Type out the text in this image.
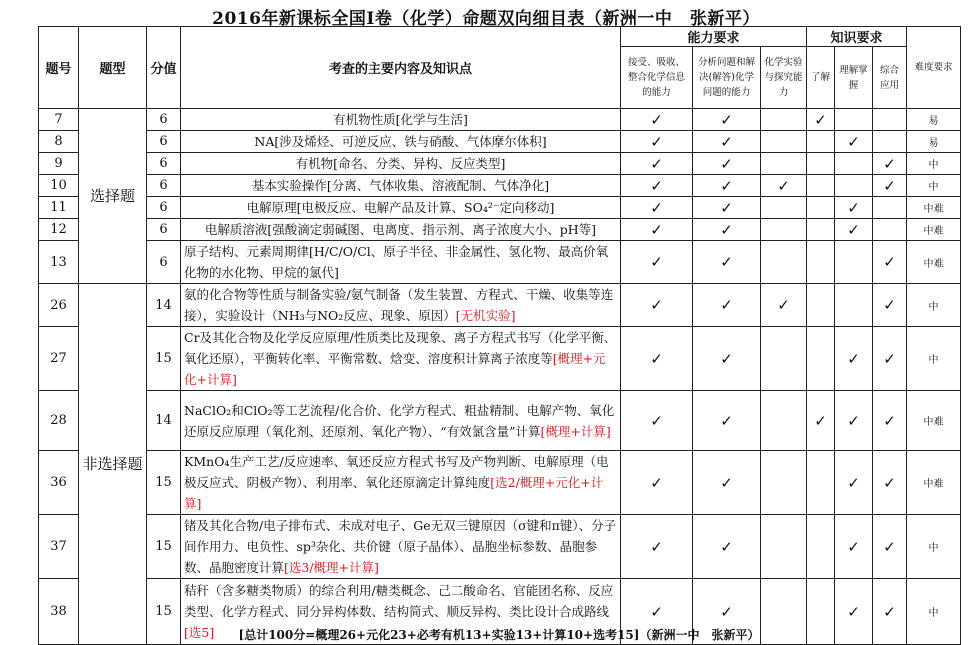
2016年新课标全国Ⅰ卷（化学）命题双向细目表（新洲一中　张新平）
题号	题型	分值	考查的主要内容及知识点	能力要求			知识要求			难度要求
				接受、吸收、整合化学信息的能力	分析问题和解决(解答)化学问题的能力	化学实验与探究能力	了解	理解掌握	综合应用	
7	选择题	6	有机物性质[化学与生活]	✓	✓		✓			易
8		6	NA[涉及烯烃、可逆反应、铁与硝酸、气体摩尔体积]	✓	✓			✓		易
9		6	有机物[命名、分类、异构、反应类型]	✓	✓				✓	中
10		6	基本实验操作[分离、气体收集、溶液配制、气体净化]	✓	✓	✓			✓	中
11		6	电解原理[电极反应、电解产品及计算、SO₄²⁻定向移动]	✓	✓			✓		中难
12		6	电解质溶液[强酸滴定弱碱图、电离度、指示剂、离子浓度大小、pH等]	✓	✓			✓		中难
13		6	原子结构、元素周期律[H/C/O/Cl、原子半径、非金属性、氢化物、最高价氧化物的水化物、甲烷的氯代]	✓	✓				✓	中难
26	非选择题	14	氨的化合物等性质与制备实验/氨气制备（发生装置、方程式、干燥、收集等连接），实验设计（NH₃与NO₂反应、现象、原因）[无机实验]	✓	✓	✓			✓	中
27		15	Cr及其化合物及化学反应原理/性质类比及现象、离子方程式书写（化学平衡、氧化还原），平衡转化率、平衡常数、焓变、溶度积计算离子浓度等[概理+元化+计算]	✓	✓			✓	✓	中
28		14	NaClO₂和ClO₂等工艺流程/化合价、化学方程式、粗盐精制、电解产物、氧化还原反应原理（氧化剂、还原剂、氧化产物）、“有效氯含量”计算[概理+计算]	✓	✓		✓	✓	✓	中难
36		15	KMnO₄生产工艺/反应速率、氧还反应方程式书写及产物判断、电解原理（电极反应式、阴极产物）、利用率、氧化还原滴定计算纯度[选2/概理+元化+计算]	✓	✓			✓	✓	中难
37		15	锗及其化合物/电子排布式、未成对电子、Ge无双三键原因（σ键和π键）、分子间作用力、电负性、sp³杂化、共价键（原子晶体）、晶胞坐标参数、晶胞参数、晶胞密度计算[选3/概理+计算]	✓	✓			✓	✓	中
38		15	秸秆（含多糖类物质）的综合利用/糖类概念、己二酸命名、官能团名称、反应类型、化学方程式、同分异构体数、结构简式、顺反异构、类比设计合成路线[选5]	✓	✓			✓	✓	中
[总计100分=概理26+元化23+必考有机13+实验13+计算10+选考15]（新洲一中　张新平）
